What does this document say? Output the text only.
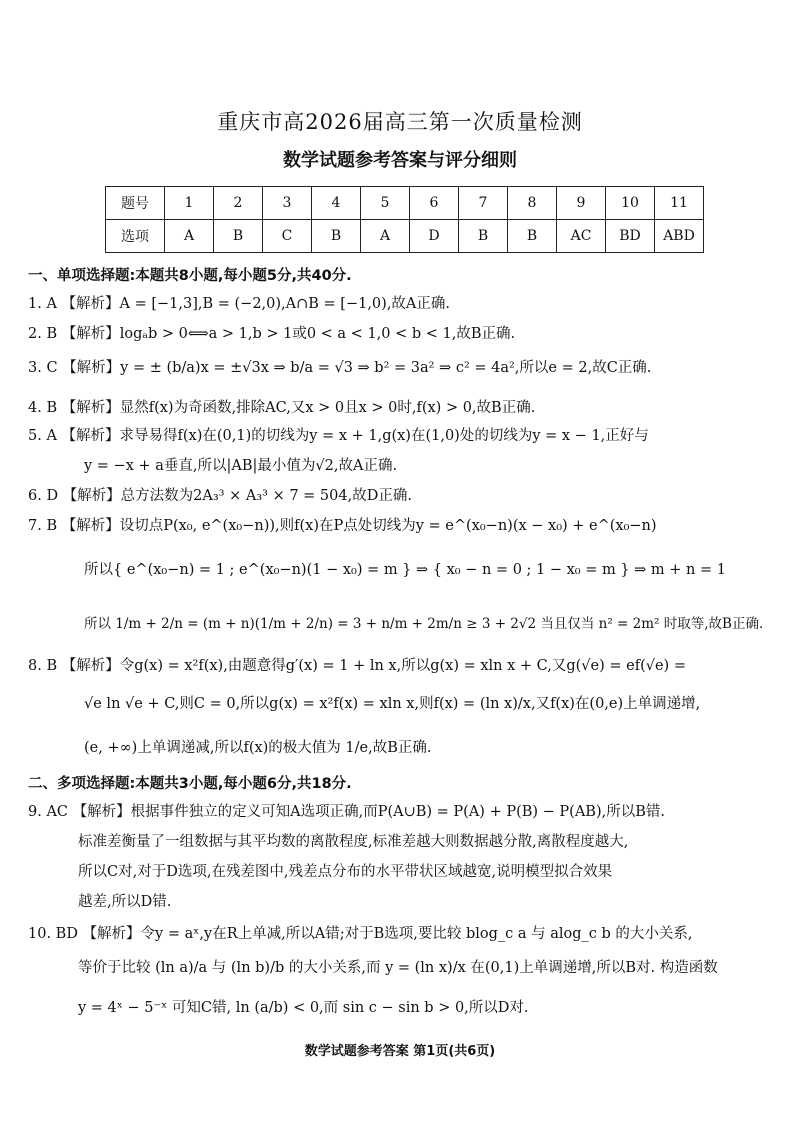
重庆市高2026届高三第一次质量检测
数学试题参考答案与评分细则
题号	1	2	3	4	5	6	7	8	9	10	11
选项	A	B	C	B	A	D	B	B	AC	BD	ABD
一、单项选择题:本题共8小题,每小题5分,共40分.
1. A 【解析】A = [−1,3],B = (−2,0),A∩B = [−1,0),故A正确.
2. B 【解析】logₐb > 0⟺a > 1,b > 1或0 < a < 1,0 < b < 1,故B正确.
3. C 【解析】y = ± (b/a)x = ±√3x ⇒ b/a = √3 ⇒ b² = 3a² ⇒ c² = 4a²,所以e = 2,故C正确.
4. B 【解析】显然f(x)为奇函数,排除AC,又x > 0且x > 0时,f(x) > 0,故B正确.
5. A 【解析】求导易得f(x)在(0,1)的切线为y = x + 1,g(x)在(1,0)处的切线为y = x − 1,正好与
y = −x + a垂直,所以|AB|最小值为√2,故A正确.
6. D 【解析】总方法数为2A₃³ × A₃³ × 7 = 504,故D正确.
7. B 【解析】设切点P(x₀, e^(x₀−n)),则f(x)在P点处切线为y = e^(x₀−n)(x − x₀) + e^(x₀−n)
所以{ e^(x₀−n) = 1 ; e^(x₀−n)(1 − x₀) = m } ⇒ { x₀ − n = 0 ; 1 − x₀ = m } ⇒ m + n = 1
所以 1/m + 2/n = (m + n)(1/m + 2/n) = 3 + n/m + 2m/n ≥ 3 + 2√2 当且仅当 n² = 2m² 时取等,故B正确.
8. B 【解析】令g(x) = x²f(x),由题意得g′(x) = 1 + ln x,所以g(x) = xln x + C,又g(√e) = ef(√e) =
√e ln √e + C,则C = 0,所以g(x) = x²f(x) = xln x,则f(x) = (ln x)/x,又f(x)在(0,e)上单调递增,
(e, +∞)上单调递减,所以f(x)的极大值为 1/e,故B正确.
二、多项选择题:本题共3小题,每小题6分,共18分.
9. AC 【解析】根据事件独立的定义可知A选项正确,而P(A∪B) = P(A) + P(B) − P(AB),所以B错.
标准差衡量了一组数据与其平均数的离散程度,标准差越大则数据越分散,离散程度越大,
所以C对,对于D选项,在残差图中,残差点分布的水平带状区域越宽,说明模型拟合效果
越差,所以D错.
10. BD 【解析】令y = aˣ,y在R上单减,所以A错;对于B选项,要比较 blog_c a 与 alog_c b 的大小关系,
等价于比较 (ln a)/a 与 (ln b)/b 的大小关系,而 y = (ln x)/x 在(0,1)上单调递增,所以B对. 构造函数
y = 4ˣ − 5⁻ˣ 可知C错, ln (a/b) < 0,而 sin c − sin b > 0,所以D对.
数学试题参考答案 第1页(共6页)
